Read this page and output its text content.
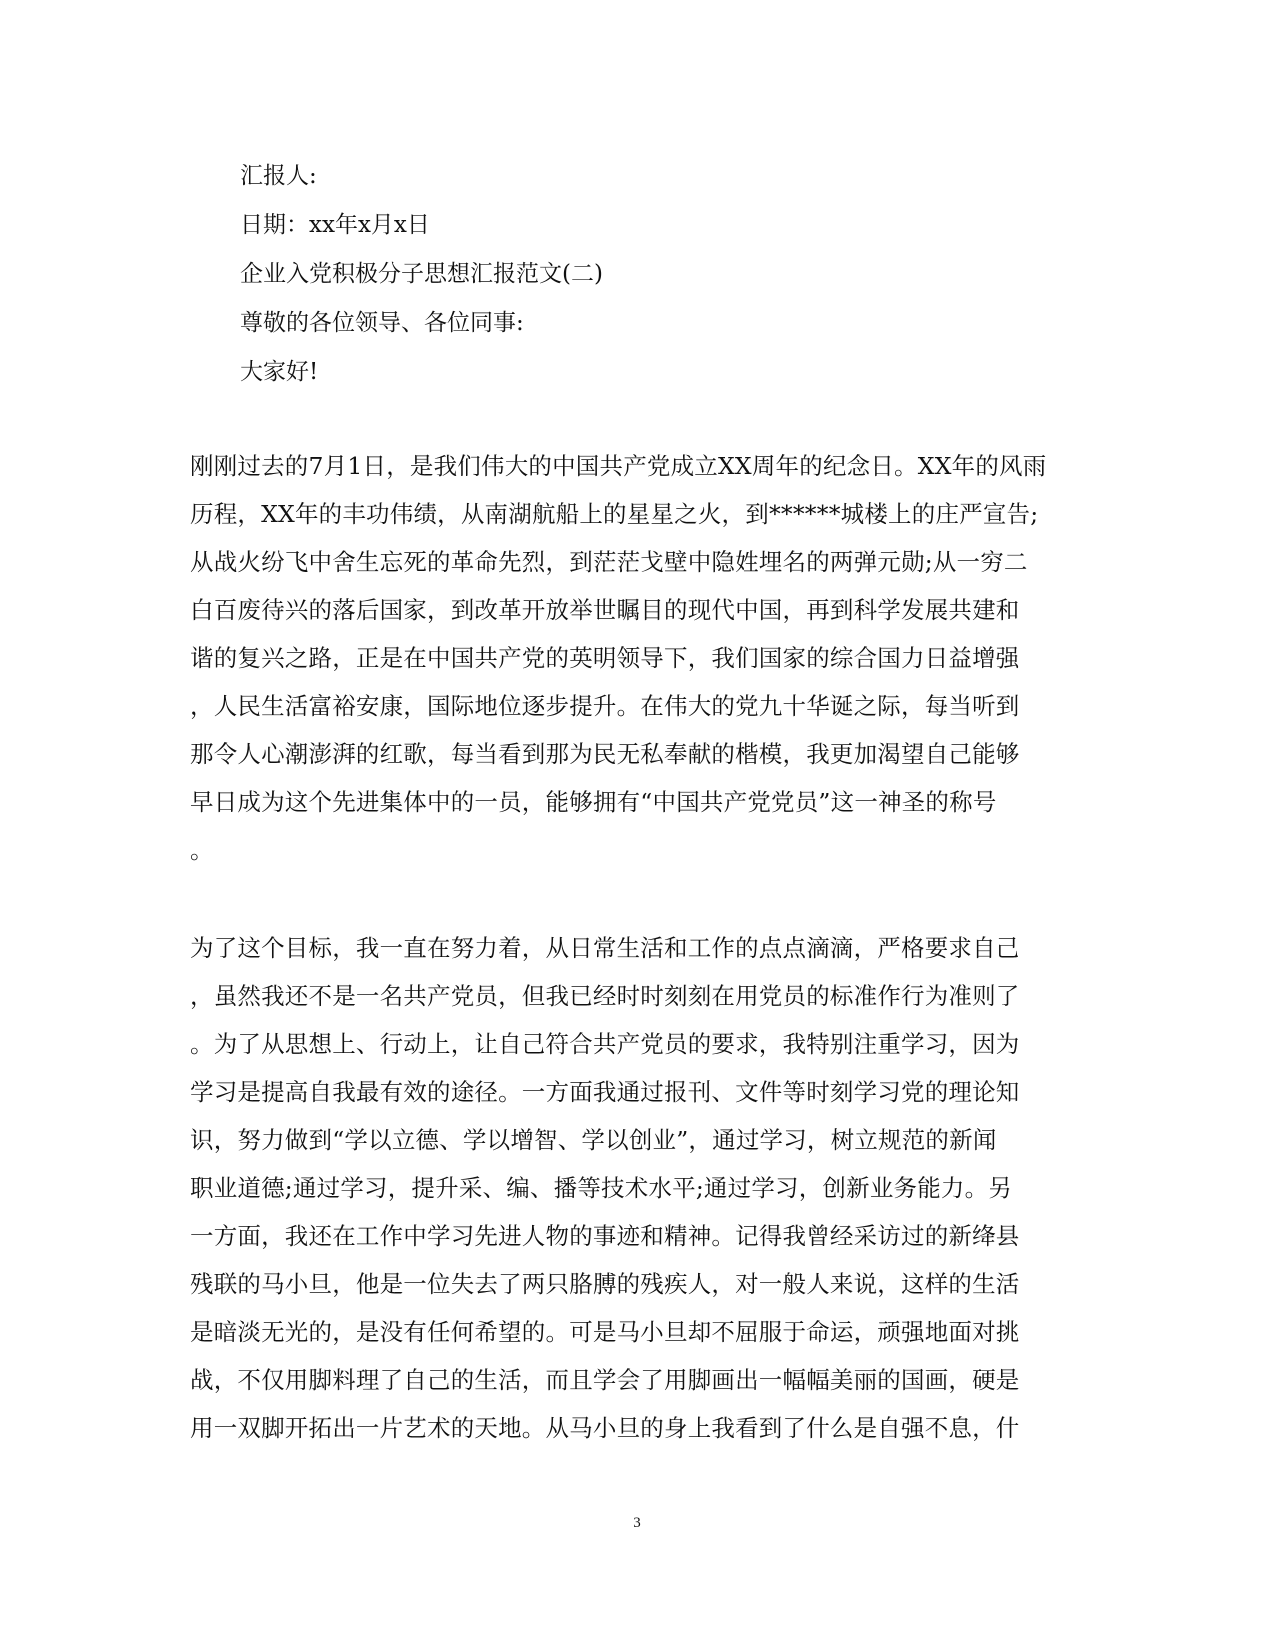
汇报人:
日期：xx年x月x日
企业入党积极分子思想汇报范文(二)
尊敬的各位领导、各位同事:
大家好!
刚刚过去的7月1日，是我们伟大的中国共产党成立XX周年的纪念日。XX年的风雨
历程，XX年的丰功伟绩，从南湖航船上的星星之火，到******城楼上的庄严宣告;
从战火纷飞中舍生忘死的革命先烈，到茫茫戈壁中隐姓埋名的两弹元勋;从一穷二
白百废待兴的落后国家，到改革开放举世瞩目的现代中国，再到科学发展共建和
谐的复兴之路，正是在中国共产党的英明领导下，我们国家的综合国力日益增强
，人民生活富裕安康，国际地位逐步提升。在伟大的党九十华诞之际，每当听到
那令人心潮澎湃的红歌，每当看到那为民无私奉献的楷模，我更加渴望自己能够
早日成为这个先进集体中的一员，能够拥有“中国共产党党员”这一神圣的称号
。
为了这个目标，我一直在努力着，从日常生活和工作的点点滴滴，严格要求自己
，虽然我还不是一名共产党员，但我已经时时刻刻在用党员的标准作行为准则了
。为了从思想上、行动上，让自己符合共产党员的要求，我特别注重学习，因为
学习是提高自我最有效的途径。一方面我通过报刊、文件等时刻学习党的理论知
识，努力做到“学以立德、学以增智、学以创业”，通过学习，树立规范的新闻
职业道德;通过学习，提升采、编、播等技术水平;通过学习，创新业务能力。另
一方面，我还在工作中学习先进人物的事迹和精神。记得我曾经采访过的新绛县
残联的马小旦，他是一位失去了两只胳膊的残疾人，对一般人来说，这样的生活
是暗淡无光的，是没有任何希望的。可是马小旦却不屈服于命运，顽强地面对挑
战，不仅用脚料理了自己的生活，而且学会了用脚画出一幅幅美丽的国画，硬是
用一双脚开拓出一片艺术的天地。从马小旦的身上我看到了什么是自强不息，什
3
